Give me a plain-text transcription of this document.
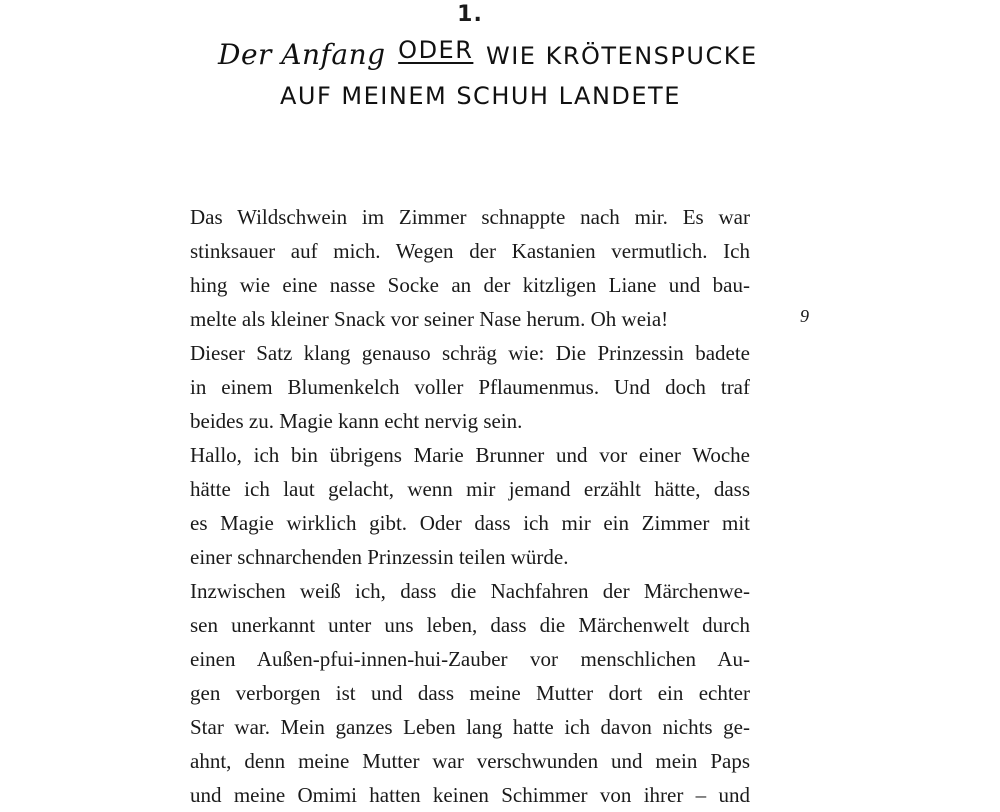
1.
Der Anfang ODER WIE KRÖTENSPUCKE
AUF MEINEM SCHUH LANDETE
Das Wildschwein im Zimmer schnappte nach mir. Es war
stinksauer auf mich. Wegen der Kastanien vermutlich. Ich
hing wie eine nasse Socke an der kitzligen Liane und bau-
melte als kleiner Snack vor seiner Nase herum. Oh weia!
Dieser Satz klang genauso schräg wie: Die Prinzessin badete
in einem Blumenkelch voller Pflaumenmus. Und doch traf
beides zu. Magie kann echt nervig sein.
Hallo, ich bin übrigens Marie Brunner und vor einer Woche
hätte ich laut gelacht, wenn mir jemand erzählt hätte, dass
es Magie wirklich gibt. Oder dass ich mir ein Zimmer mit
einer schnarchenden Prinzessin teilen würde.
Inzwischen weiß ich, dass die Nachfahren der Märchenwe-
sen unerkannt unter uns leben, dass die Märchenwelt durch
einen Außen-pfui-innen-hui-Zauber vor menschlichen Au-
gen verborgen ist und dass meine Mutter dort ein echter
Star war. Mein ganzes Leben lang hatte ich davon nichts ge-
ahnt, denn meine Mutter war verschwunden und mein Paps
und meine Omimi hatten keinen Schimmer von ihrer – und
9
